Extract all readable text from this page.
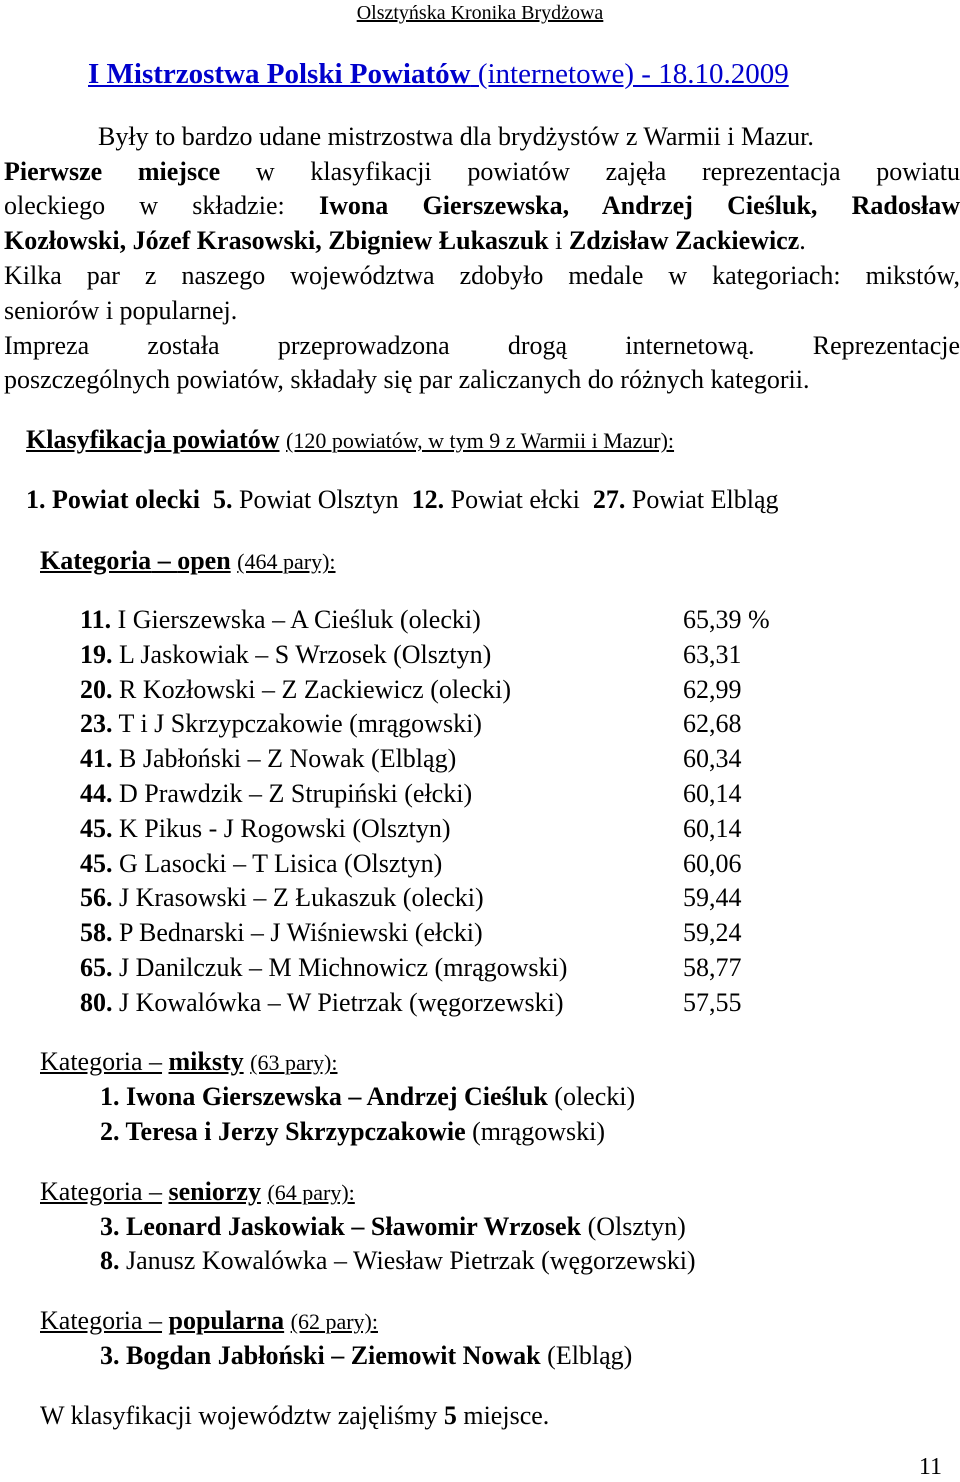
Olsztyńska Kronika Brydżowa
I Mistrzostwa Polski Powiatów (internetowe) - 18.10.2009
Były to bardzo udane mistrzostwa dla brydżystów z Warmii i Mazur.
Pierwsze miejsce w klasyfikacji powiatów zajęła reprezentacja powiatu
oleckiego w składzie: Iwona Gierszewska, Andrzej Cieśluk, Radosław
Kozłowski, Józef Krasowski, Zbigniew Łukaszuk i Zdzisław Zackiewicz.
Kilka par z naszego województwa zdobyło medale w kategoriach: mikstów,
seniorów i popularnej.
Impreza została przeprowadzona drogą internetową. Reprezentacje
poszczególnych powiatów, składały się par zaliczanych do różnych kategorii.
Klasyfikacja powiatów (120 powiatów, w tym 9 z Warmii i Mazur):
1. Powiat olecki 5. Powiat Olsztyn 12. Powiat ełcki 27. Powiat Elbląg
Kategoria – open (464 pary):
11. I Gierszewska – A Cieśluk (olecki)	65,39 %
19. L Jaskowiak – S Wrzosek (Olsztyn)	63,31
20. R Kozłowski – Z Zackiewicz (olecki)	62,99
23. T i J Skrzypczakowie (mrągowski)	62,68
41. B Jabłoński – Z Nowak (Elbląg)	60,34
44. D Prawdzik – Z Strupiński (ełcki)	60,14
45. K Pikus - J Rogowski (Olsztyn)	60,14
45. G Lasocki – T Lisica (Olsztyn)	60,06
56. J Krasowski – Z Łukaszuk (olecki)	59,44
58. P Bednarski – J Wiśniewski (ełcki)	59,24
65. J Danilczuk – M Michnowicz (mrągowski)	58,77
80. J Kowalówka – W Pietrzak (węgorzewski)	57,55
Kategoria – miksty (63 pary):
1. Iwona Gierszewska – Andrzej Cieśluk (olecki)
2. Teresa i Jerzy Skrzypczakowie (mrągowski)
Kategoria – seniorzy (64 pary):
3. Leonard Jaskowiak – Sławomir Wrzosek (Olsztyn)
8. Janusz Kowalówka – Wiesław Pietrzak (węgorzewski)
Kategoria – popularna (62 pary):
3. Bogdan Jabłoński – Ziemowit Nowak (Elbląg)
W klasyfikacji województw zajęliśmy 5 miejsce.
11
